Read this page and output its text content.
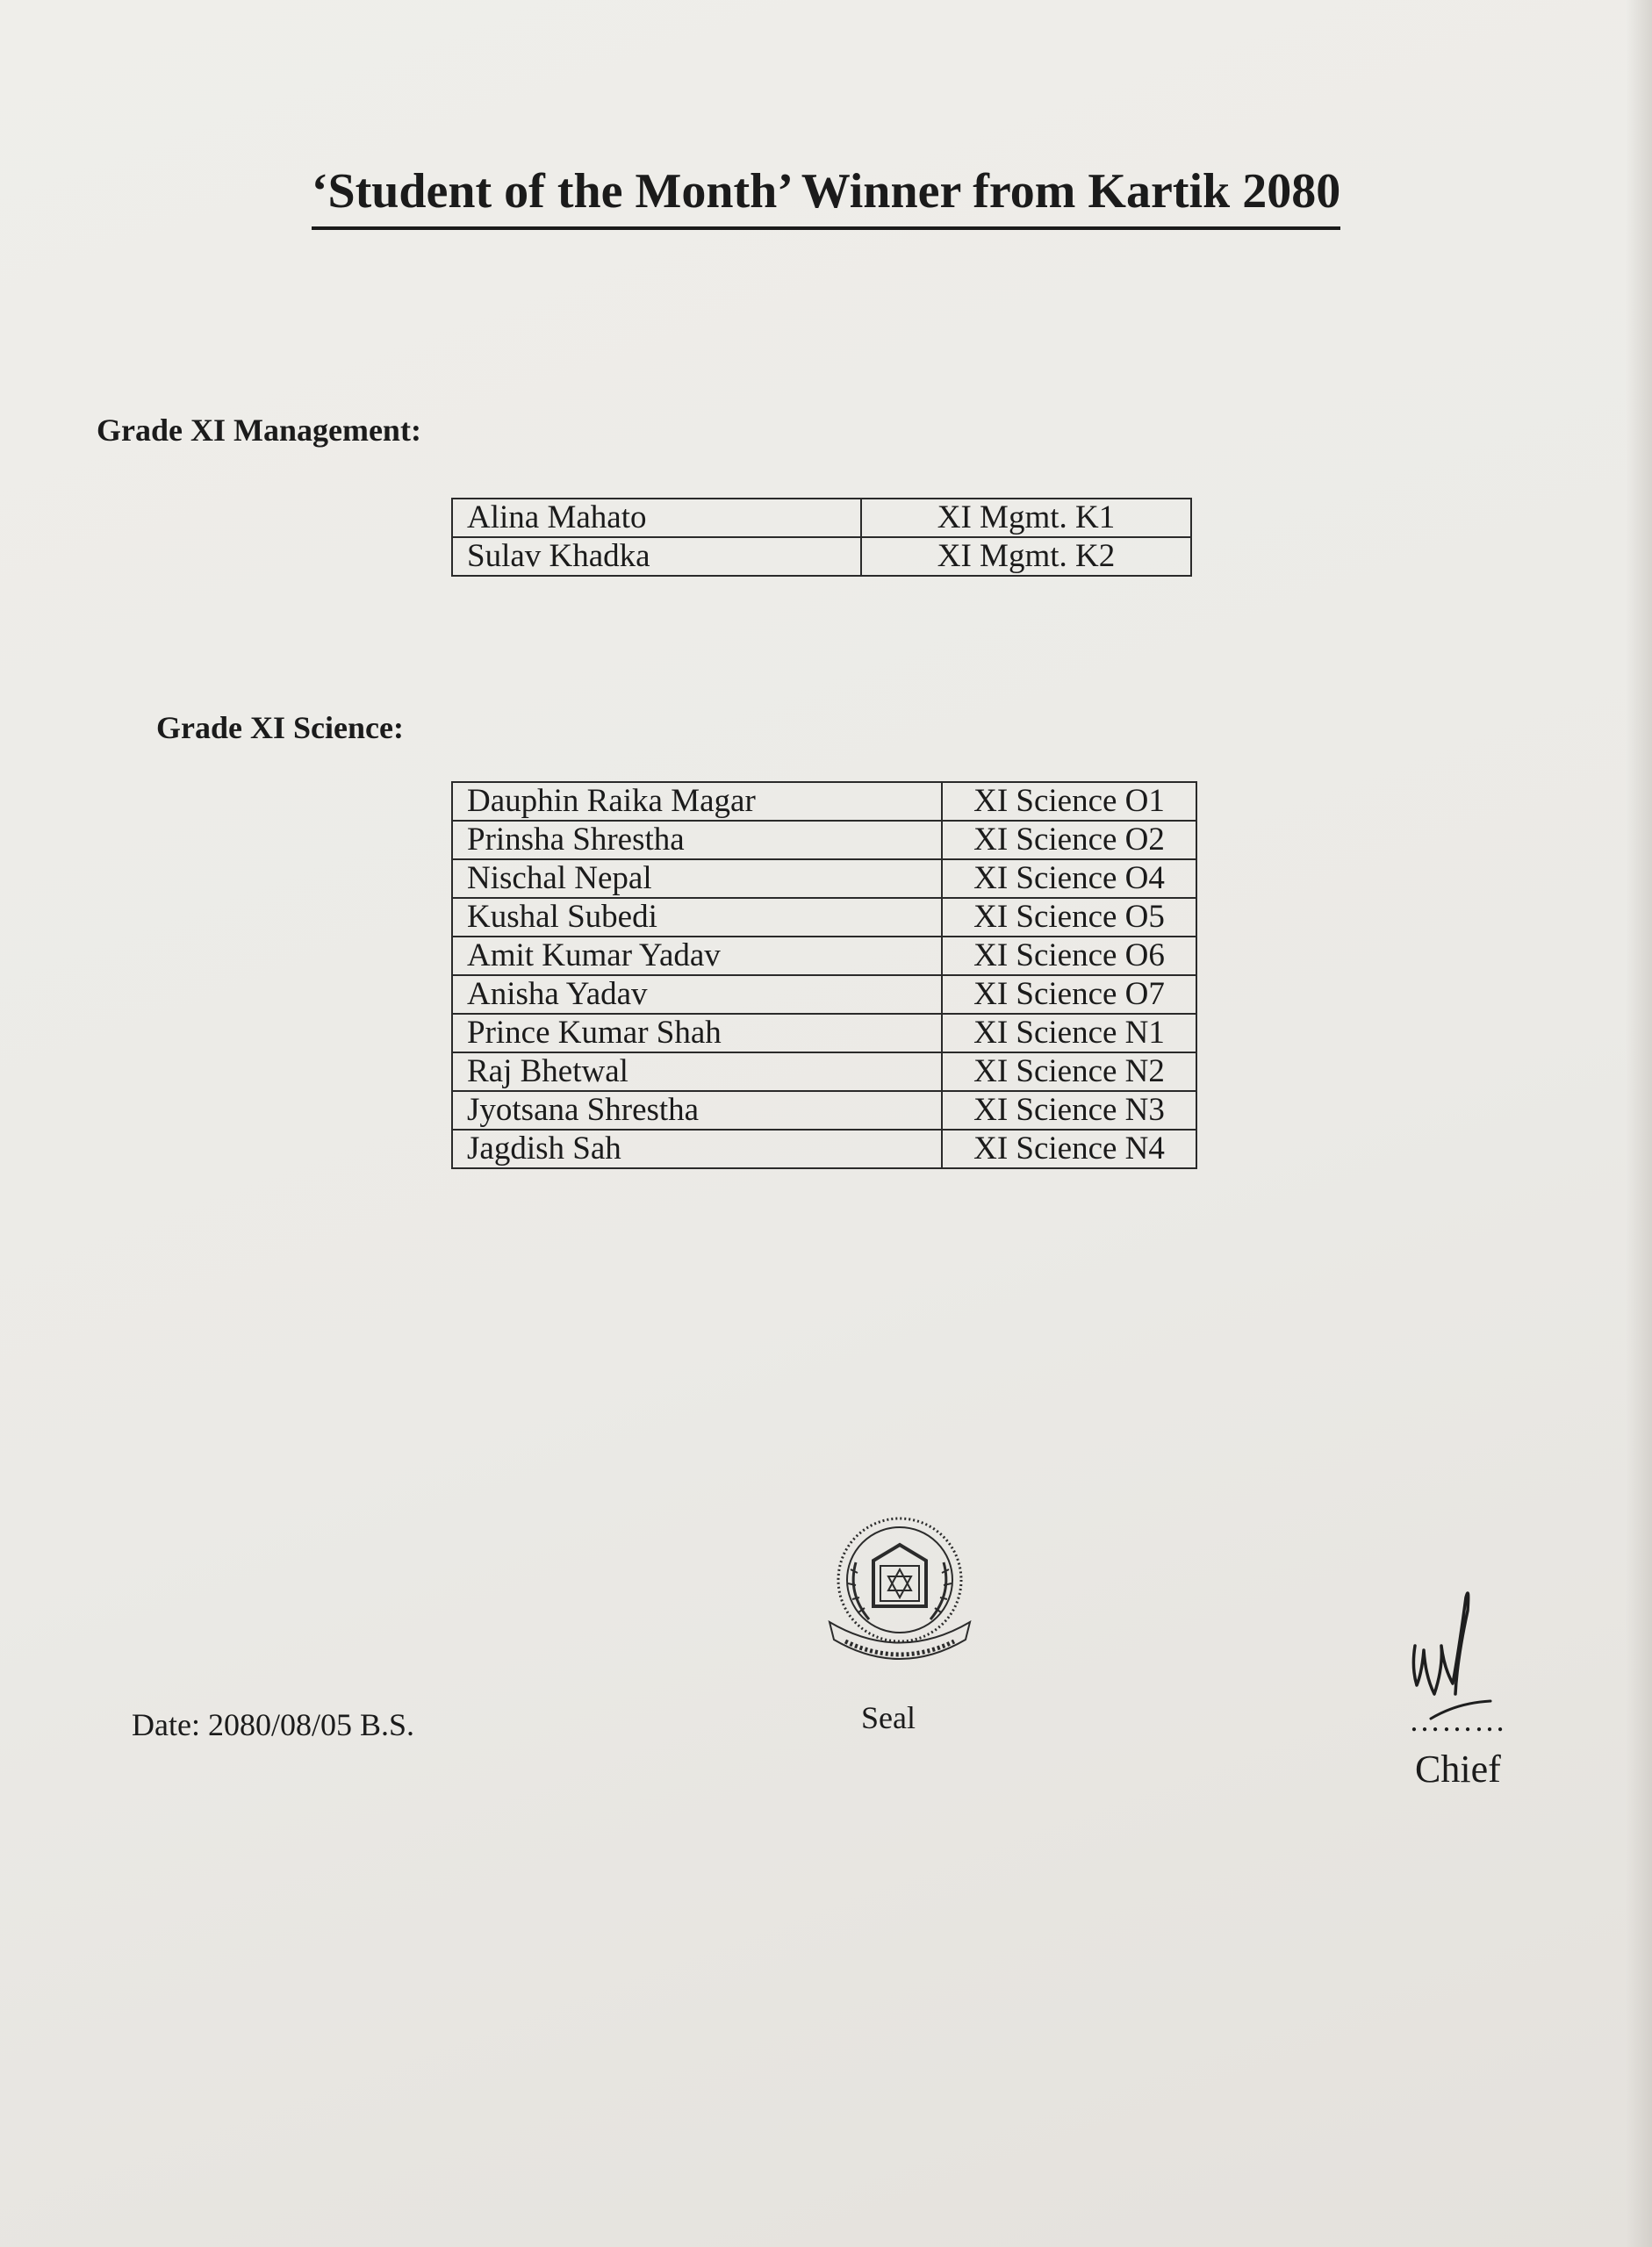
‘Student of the Month’ Winner from Kartik 2080
Grade XI Management:
Alina Mahato	XI Mgmt. K1
Sulav Khadka	XI Mgmt. K2
Grade XI Science:
Dauphin Raika Magar	XI Science O1
Prinsha Shrestha	XI Science O2
Nischal Nepal	XI Science O4
Kushal Subedi	XI Science O5
Amit Kumar Yadav	XI Science O6
Anisha Yadav	XI Science O7
Prince Kumar Shah	XI Science N1
Raj Bhetwal	XI Science N2
Jyotsana Shrestha	XI Science N3
Jagdish Sah	XI Science N4
Date: 2080/08/05 B.S.	Seal	………
Chief
